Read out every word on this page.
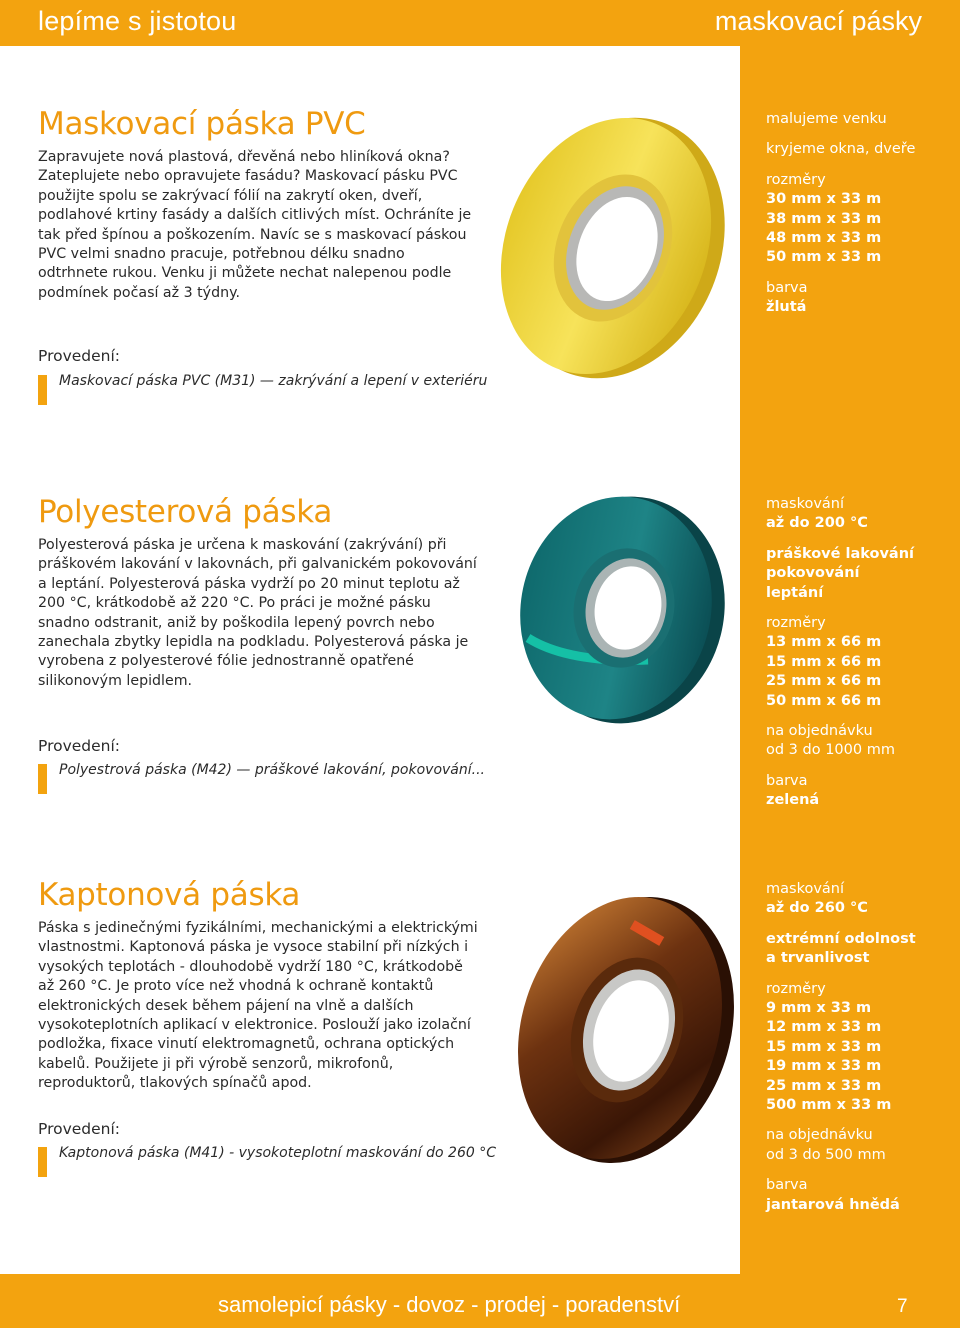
lepíme s jistotou	maskovací pásky
samolepicí pásky - dovoz - prodej - poradenství	7
Maskovací páska PVC

Zapravujete nová plastová, dřevěná nebo hliníková okna? Zateplujete nebo opravujete fasádu? Maskovací pásku PVC použijte spolu se zakrývací fólií na zakrytí oken, dveří, podlahové krtiny fasády a dalších citlivých míst. Ochráníte je tak před špínou a poškozením. Navíc se s maskovací páskou PVC velmi snadno pracuje, potřebnou délku snadno odtrhnete rukou. Venku ji můžete nechat nalepenou podle podmínek počasí až 3 týdny.

Provedení:
Maskovací páska PVC (M31) — zakrývání a lepení v exteriéru
malujeme venku
kryjeme okna, dveře
rozměry
30 mm x 33 m
38 mm x 33 m
48 mm x 33 m
50 mm x 33 m
barva
žlutá
Polyesterová páska

Polyesterová páska je určena k maskování (zakrývání) při práškovém lakování v lakovnách, při galvanickém pokovování a leptání. Polyesterová páska vydrží po 20 minut teplotu až 200 °C, krátkodobě až 220 °C. Po práci je možné pásku snadno odstranit, aniž by poškodila lepený povrch nebo zanechala zbytky lepidla na podkladu. Polyesterová páska je vyrobena z polyesterové fólie jednostranně opatřené silikonovým lepidlem.

Provedení:
Polyestrová páska (M42) — práškové lakování, pokovování...
maskování
až do 200 °C
práškové lakování
pokovování
leptání
rozměry
13 mm x 66 m
15 mm x 66 m
25 mm x 66 m
50 mm x 66 m
na objednávku
od 3 do 1000 mm
barva
zelená
Kaptonová páska

Páska s jedinečnými fyzikálními, mechanickými a elektrickými vlastnostmi. Kaptonová páska je vysoce stabilní při nízkých i vysokých teplotách - dlouhodobě vydrží 180 °C, krátkodobě až 260 °C. Je proto více než vhodná k ochraně kontaktů elektronických desek během pájení na vlně a dalších vysokoteplotních aplikací v elektronice. Poslouží jako izolační podložka, fixace vinutí elektromagnetů, ochrana optických kabelů. Použijete ji při výrobě senzorů, mikrofonů, reproduktorů, tlakových spínačů apod.

Provedení:
Kaptonová páska (M41) - vysokoteplotní maskování do 260 °C
maskování
až do 260 °C
extrémní odolnost
a trvanlivost
rozměry
9 mm x 33 m
12 mm x 33 m
15 mm x 33 m
19 mm x 33 m
25 mm x 33 m
500 mm x 33 m
na objednávku
od 3 do 500 mm
barva
jantarová hnědá
